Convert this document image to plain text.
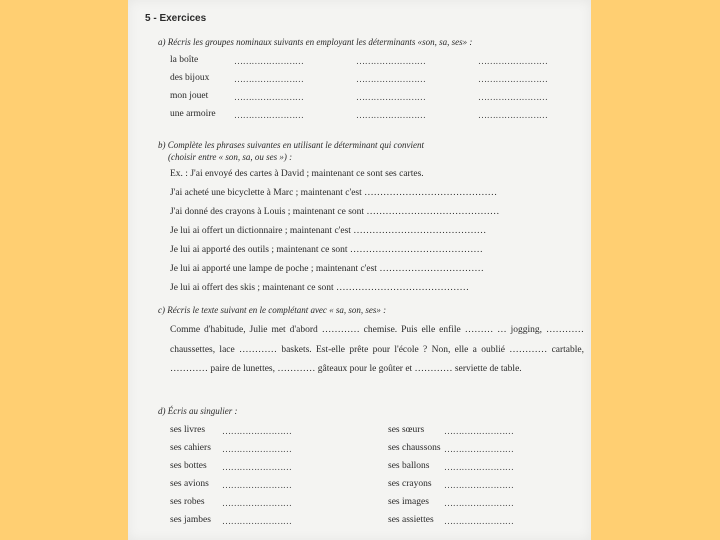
5 - Exercices
a) Récris les groupes nominaux suivants en employant les déterminants «son, sa, ses» :
la boîte	……………………	……………………	……………………
des bijoux	……………………	……………………	……………………
mon jouet	……………………	……………………	……………………
une armoire ……………………	……………………	……………………
b) Complète les phrases suivantes en utilisant le déterminant qui convient
(choisir entre « son, sa, ou ses ») :
Ex. : J'ai envoyé des cartes à David ; maintenant ce sont ses cartes.
J'ai acheté une bicyclette à Marc ; maintenant c'est ……………………………………
J'ai donné des crayons à Louis ; maintenant ce sont ……………………………………
Je lui ai offert un dictionnaire ; maintenant c'est ……………………………………
Je lui ai apporté des outils ; maintenant ce sont ……………………………………
Je lui ai apporté une lampe de poche ; maintenant c'est ……………………………
Je lui ai offert des skis ; maintenant ce sont ……………………………………
c) Récris le texte suivant en le complétant avec « sa, son, ses» :
Comme d'habitude, Julie met d'abord ………… chemise. Puis elle enfile ……… … jogging, ………… chaussettes, lace ………… baskets. Est-elle prête pour l'école ? Non, elle a oublié ………… cartable, ………… paire de lunettes, ………… gâteaux pour le goûter et ………… serviette de table.
d) Écris au singulier :
ses livres ……………………
ses cahiers ……………………
ses bottes ……………………
ses avions ……………………
ses robes ……………………
ses jambes ……………………
ses sœurs ……………………
ses chaussons ……………………
ses ballons ……………………
ses crayons ……………………
ses images ……………………
ses assiettes ……………………
